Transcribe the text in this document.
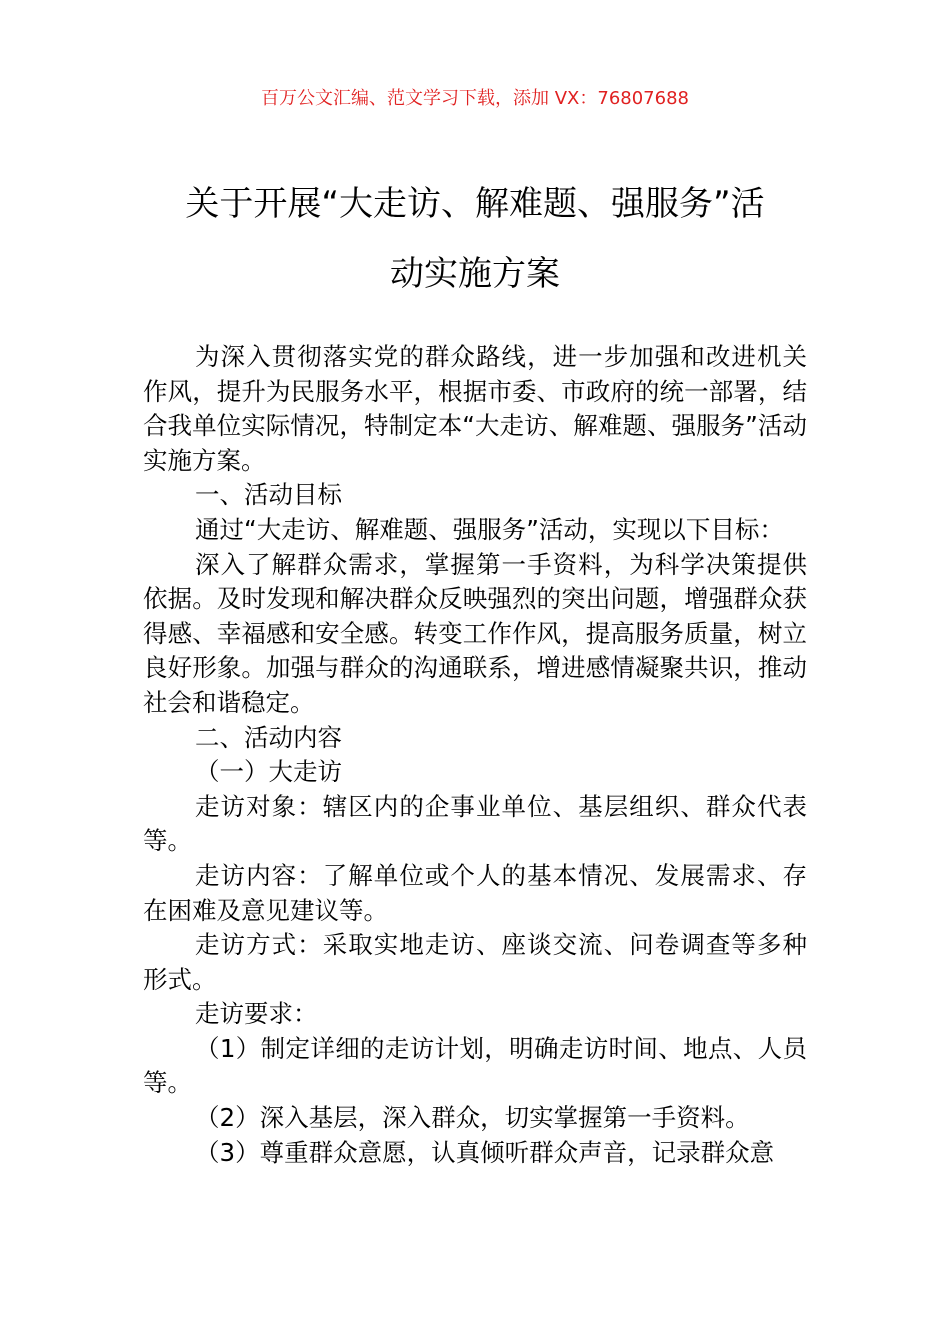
百万公文汇编、范文学习下载，添加 VX：76807688
关于开展“大走访、解难题、强服务”活
动实施方案

为深入贯彻落实党的群众路线，进一步加强和改进机关作风，提升为民服务水平，根据市委、市政府的统一部署，结合我单位实际情况，特制定本“大走访、解难题、强服务”活动实施方案。

一、活动目标

通过“大走访、解难题、强服务”活动，实现以下目标：

深入了解群众需求，掌握第一手资料，为科学决策提供依据。及时发现和解决群众反映强烈的突出问题，增强群众获得感、幸福感和安全感。转变工作作风，提高服务质量，树立良好形象。加强与群众的沟通联系，增进感情凝聚共识，推动社会和谐稳定。

二、活动内容

（一）大走访

走访对象：辖区内的企事业单位、基层组织、群众代表等。

走访内容：了解单位或个人的基本情况、发展需求、存在困难及意见建议等。

走访方式：采取实地走访、座谈交流、问卷调查等多种形式。

走访要求：

（1）制定详细的走访计划，明确走访时间、地点、人员等。

（2）深入基层，深入群众，切实掌握第一手资料。

（3）尊重群众意愿，认真倾听群众声音，记录群众意
